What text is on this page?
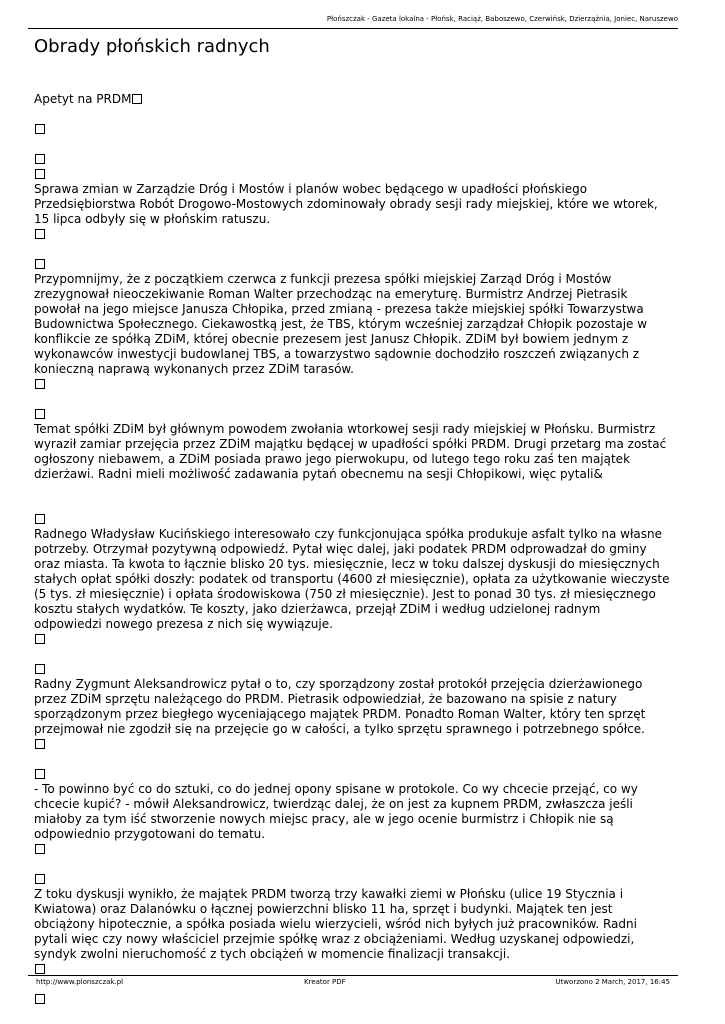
Płońszczak - Gazeta lokalna - Płońsk, Raciąż, Baboszewo, Czerwińsk, Dzierzążnia, Joniec, Naruszewo
Obrady płońskich radnych
Apetyt na PRDM
Sprawa zmian w Zarządzie Dróg i Mostów i planów wobec będącego w upadłości płońskiego
Przedsiębiorstwa Robót Drogowo-Mostowych zdominowały obrady sesji rady miejskiej, które we wtorek,
15 lipca odbyły się w płońskim ratuszu.
Przypomnijmy, że z początkiem czerwca z funkcji prezesa spółki miejskiej Zarząd Dróg i Mostów
zrezygnował nieoczekiwanie Roman Walter przechodząc na emeryturę. Burmistrz Andrzej Pietrasik
powołał na jego miejsce Janusza Chłopika, przed zmianą - prezesa także miejskiej spółki Towarzystwa
Budownictwa Społecznego. Ciekawostką jest, że TBS, którym wcześniej zarządzał Chłopik pozostaje w
konflikcie ze spółką ZDiM, której obecnie prezesem jest Janusz Chłopik. ZDiM był bowiem jednym z
wykonawców inwestycji budowlanej TBS, a towarzystwo sądownie dochodziło roszczeń związanych z
konieczną naprawą wykonanych przez ZDiM tarasów.
Temat spółki ZDiM był głównym powodem zwołania wtorkowej sesji rady miejskiej w Płońsku. Burmistrz
wyraził zamiar przejęcia przez ZDiM majątku będącej w upadłości spółki PRDM. Drugi przetarg ma zostać
ogłoszony niebawem, a ZDiM posiada prawo jego pierwokupu, od lutego tego roku zaś ten majątek
dzierżawi. Radni mieli możliwość zadawania pytań obecnemu na sesji Chłopikowi, więc pytali&
Radnego Władysław Kucińskiego interesowało czy funkcjonująca spółka produkuje asfalt tylko na własne
potrzeby. Otrzymał pozytywną odpowiedź. Pytał więc dalej, jaki podatek PRDM odprowadzał do gminy
oraz miasta. Ta kwota to łącznie blisko 20 tys. miesięcznie, lecz w toku dalszej dyskusji do miesięcznych
stałych opłat spółki doszły: podatek od transportu (4600 zł miesięcznie), opłata za użytkowanie wieczyste
(5 tys. zł miesięcznie) i opłata środowiskowa (750 zł miesięcznie). Jest to ponad 30 tys. zł miesięcznego
kosztu stałych wydatków. Te koszty, jako dzierżawca, przejął ZDiM i według udzielonej radnym
odpowiedzi nowego prezesa z nich się wywiązuje.
Radny Zygmunt Aleksandrowicz pytał o to, czy sporządzony został protokół przejęcia dzierżawionego
przez ZDiM sprzętu należącego do PRDM. Pietrasik odpowiedział, że bazowano na spisie z natury
sporządzonym przez biegłego wyceniającego majątek PRDM. Ponadto Roman Walter, który ten sprzęt
przejmował nie zgodził się na przejęcie go w całości, a tylko sprzętu sprawnego i potrzebnego spółce.
- To powinno być co do sztuki, co do jednej opony spisane w protokole. Co wy chcecie przejąć, co wy
chcecie kupić? - mówił Aleksandrowicz, twierdząc dalej, że on jest za kupnem PRDM, zwłaszcza jeśli
miałoby za tym iść stworzenie nowych miejsc pracy, ale w jego ocenie burmistrz i Chłopik nie są
odpowiednio przygotowani do tematu.
Z toku dyskusji wynikło, że majątek PRDM tworzą trzy kawałki ziemi w Płońsku (ulice 19 Stycznia i
Kwiatowa) oraz Dalanówku o łącznej powierzchni blisko 11 ha, sprzęt i budynki. Majątek ten jest
obciążony hipotecznie, a spółka posiada wielu wierzycieli, wśród nich byłych już pracowników. Radni
pytali więc czy nowy właściciel przejmie spółkę wraz z obciążeniami. Według uzyskanej odpowiedzi,
syndyk zwolni nieruchomość z tych obciążeń w momencie finalizacji transakcji.
http://www.plonszczak.pl	Kreator PDF	Utworzono 2 March, 2017, 16:45
